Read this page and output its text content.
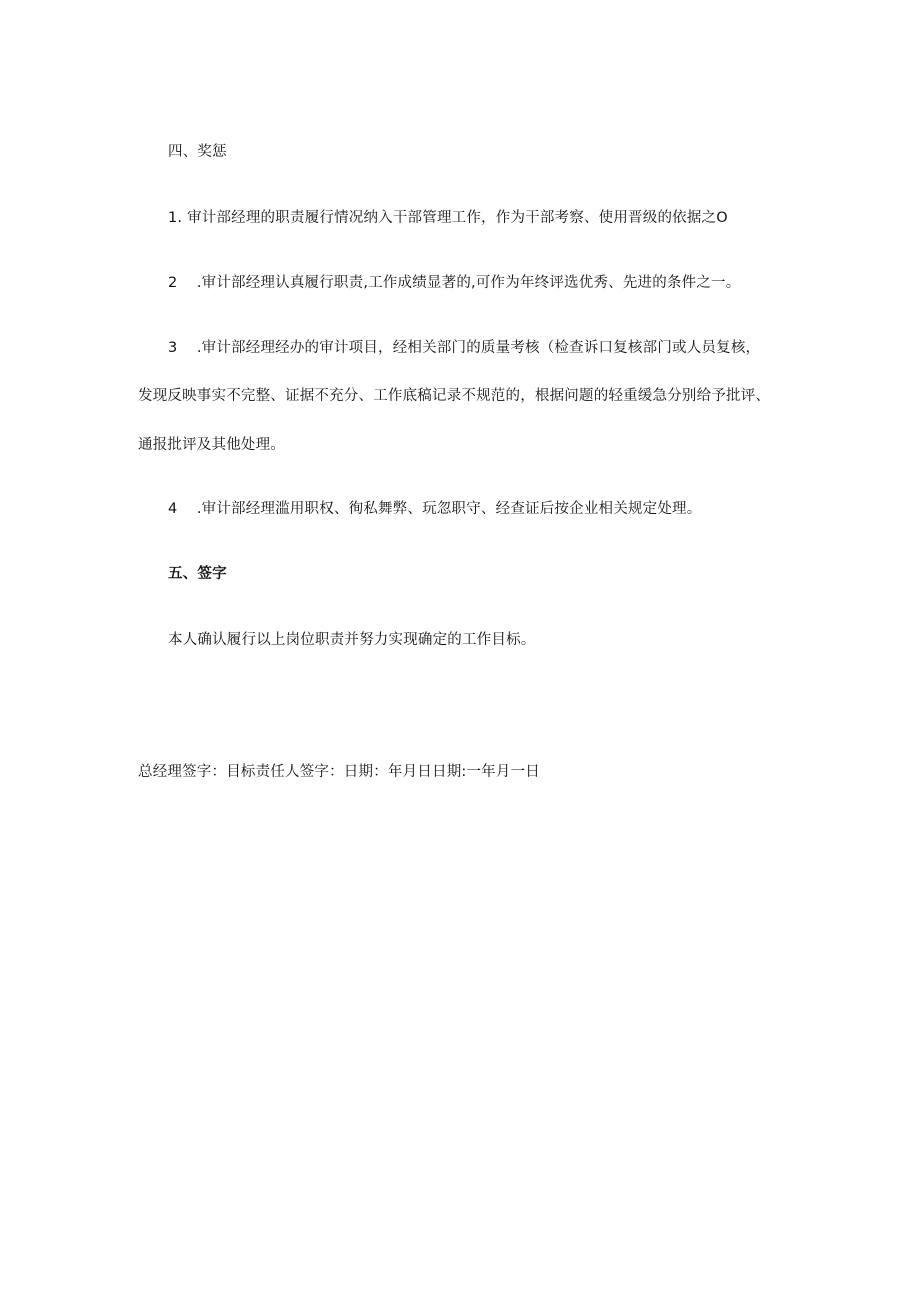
四、奖惩
1. 审计部经理的职责履行情况纳入干部管理工作，作为干部考察、使用晋级的依据之O
2 .审计部经理认真履行职责,工作成绩显著的,可作为年终评选优秀、先进的条件之一。
3 .审计部经理经办的审计项目，经相关部门的质量考核（检查诉口复核部门或人员复核，
发现反映事实不完整、证据不充分、工作底稿记录不规范的，根据问题的轻重缓急分别给予批评、
通报批评及其他处理。
4 .审计部经理滥用职权、徇私舞弊、玩忽职守、经查证后按企业相关规定处理。
五、签字
本人确认履行以上岗位职责并努力实现确定的工作目标。
总经理签字：目标责任人签字：日期：年月日日期:一年月一日
